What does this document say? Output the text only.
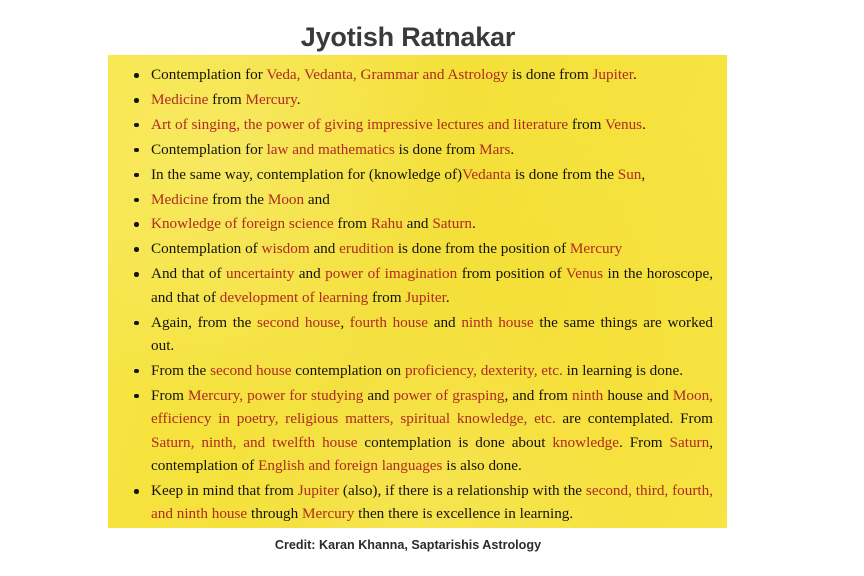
Jyotish Ratnakar
Contemplation for Veda, Vedanta, Grammar and Astrology is done from Jupiter.
Medicine from Mercury.
Art of singing, the power of giving impressive lectures and literature from Venus.
Contemplation for law and mathematics is done from Mars.
In the same way, contemplation for (knowledge of)Vedanta is done from the Sun,
Medicine from the Moon and
Knowledge of foreign science from Rahu and Saturn.
Contemplation of wisdom and erudition is done from the position of Mercury
And that of uncertainty and power of imagination from position of Venus in the horoscope, and that of development of learning from Jupiter.
Again, from the second house, fourth house and ninth house the same things are worked out.
From the second house contemplation on proficiency, dexterity, etc. in learning is done.
From Mercury, power for studying and power of grasping, and from ninth house and Moon, efficiency in poetry, religious matters, spiritual knowledge, etc. are contemplated. From Saturn, ninth, and twelfth house contemplation is done about knowledge. From Saturn, contemplation of English and foreign languages is also done.
Keep in mind that from Jupiter (also), if there is a relationship with the second, third, fourth, and ninth house through Mercury then there is excellence in learning.
Credit: Karan Khanna, Saptarishis Astrology
